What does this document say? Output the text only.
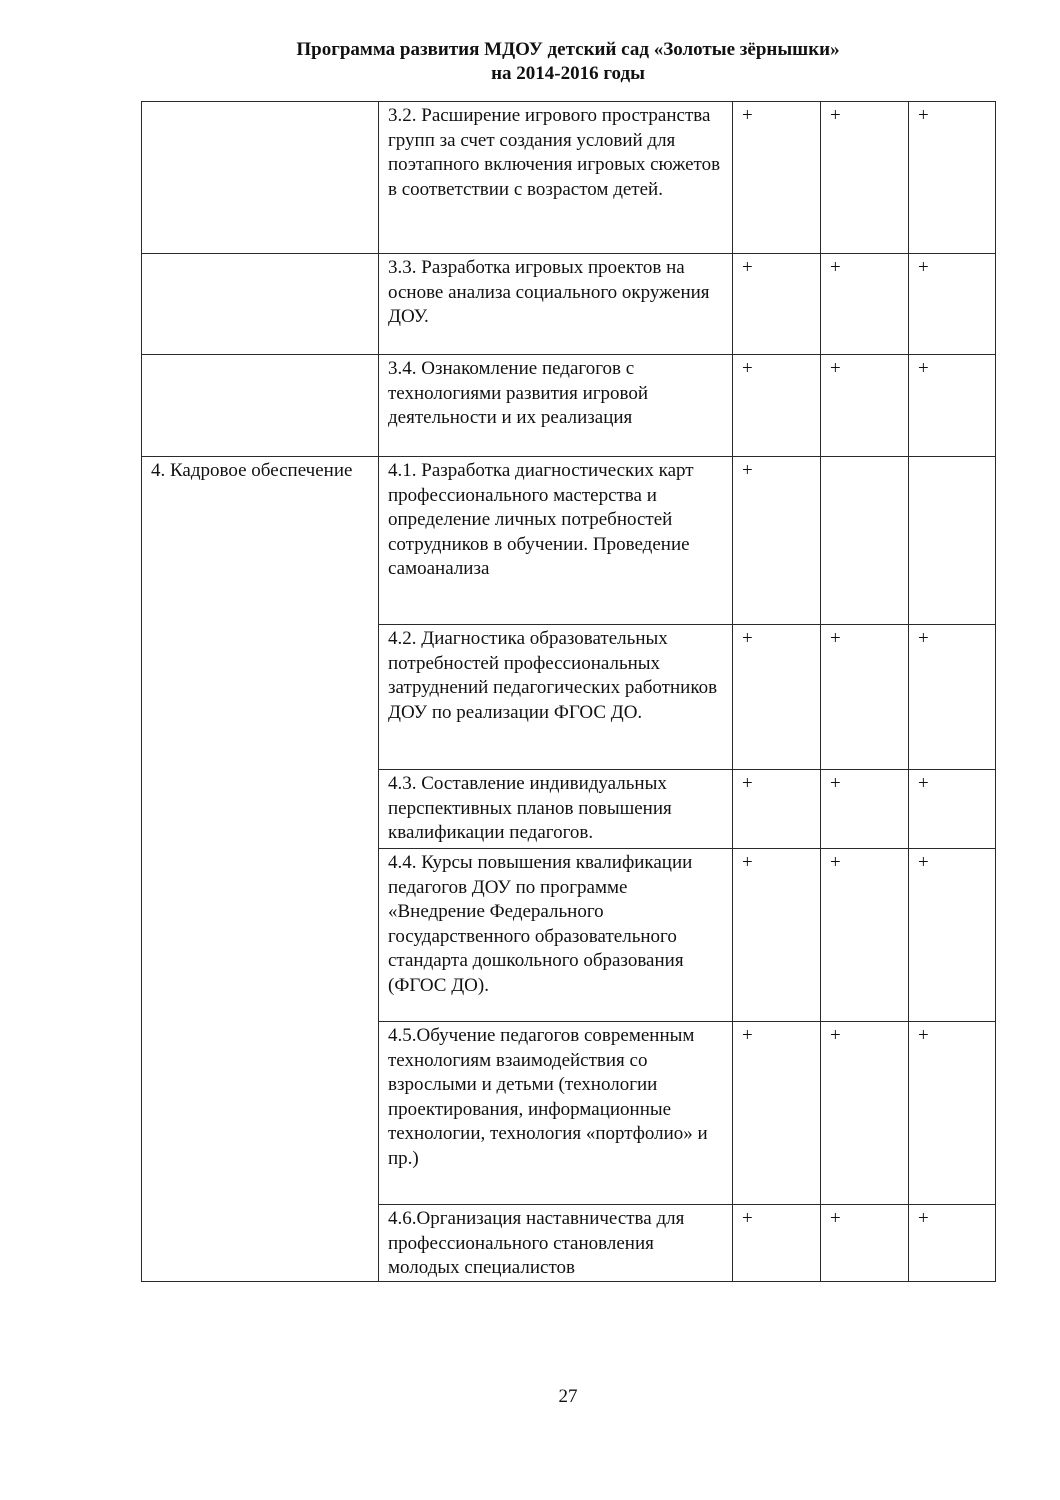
Программа развития МДОУ детский сад «Золотые зёрнышки»
на 2014-2016 годы
	3.2. Расширение игрового пространства групп за счет создания условий для поэтапного включения игровых сюжетов в соответствии с возрастом детей.	+	+	+
	3.3. Разработка игровых проектов на основе анализа социального окружения ДОУ.	+	+	+
	3.4. Ознакомление педагогов с технологиями развития игровой деятельности и их реализация	+	+	+
4. Кадровое обеспечение	4.1. Разработка диагностических карт профессионального мастерства и определение личных потребностей сотрудников в обучении. Проведение самоанализа	+		
	4.2. Диагностика образовательных потребностей профессиональных затруднений педагогических работников ДОУ по реализации ФГОС ДО.	+	+	+
	4.3. Составление индивидуальных перспективных планов повышения квалификации педагогов.	+	+	+
	4.4. Курсы повышения квалификации педагогов ДОУ по программе «Внедрение Федерального государственного образовательного стандарта дошкольного образования (ФГОС ДО).	+	+	+
	4.5.Обучение педагогов современным технологиям взаимодействия со взрослыми и детьми (технологии проектирования, информационные технологии, технология «портфолио» и пр.)	+	+	+
	4.6.Организация наставничества для профессионального становления молодых специалистов	+	+	+
27
